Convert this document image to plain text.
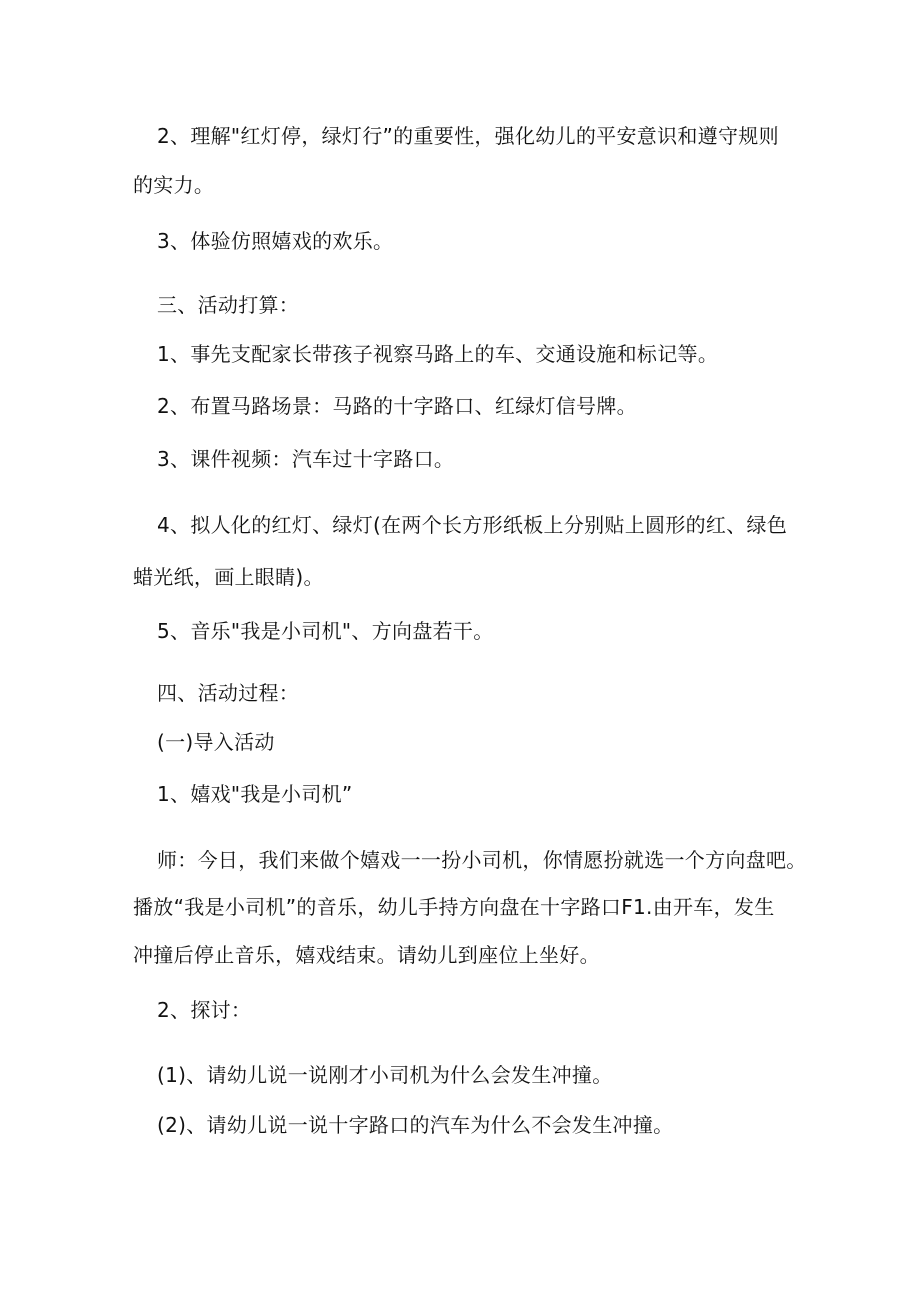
2、理解"红灯停，绿灯行”的重要性，强化幼儿的平安意识和遵守规则
的实力。
3、体验仿照嬉戏的欢乐。
三、活动打算：
1、事先支配家长带孩子视察马路上的车、交通设施和标记等。
2、布置马路场景：马路的十字路口、红绿灯信号牌。
3、课件视频：汽车过十字路口。
4、拟人化的红灯、绿灯(在两个长方形纸板上分别贴上圆形的红、绿色
蜡光纸，画上眼睛)。
5、音乐"我是小司机"、方向盘若干。
四、活动过程：
(一)导入活动
1、嬉戏"我是小司机”
师：今日，我们来做个嬉戏一一扮小司机，你情愿扮就选一个方向盘吧。
播放“我是小司机”的音乐，幼儿手持方向盘在十字路口F1.由开车，发生
冲撞后停止音乐，嬉戏结束。请幼儿到座位上坐好。
2、探讨：
(1)、请幼儿说一说刚才小司机为什么会发生冲撞。
(2)、请幼儿说一说十字路口的汽车为什么不会发生冲撞。
